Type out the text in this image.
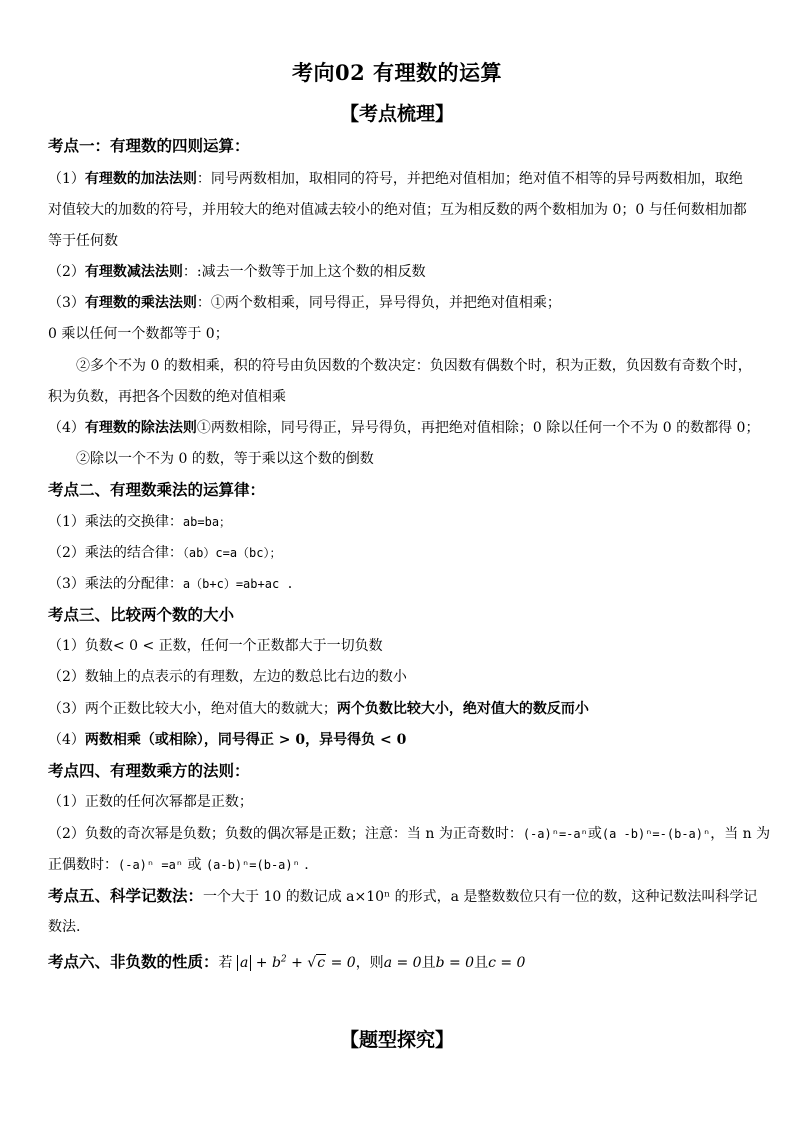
考向02 有理数的运算
【考点梳理】
考点一：有理数的四则运算：
（1）有理数的加法法则：同号两数相加，取相同的符号，并把绝对值相加；绝对值不相等的异号两数相加，取绝
对值较大的加数的符号，并用较大的绝对值减去较小的绝对值；互为相反数的两个数相加为 0；0 与任何数相加都
等于任何数
（2）有理数减法法则：:减去一个数等于加上这个数的相反数
（3）有理数的乘法法则：①两个数相乘，同号得正，异号得负，并把绝对值相乘；
0 乘以任何一个数都等于 0；
②多个不为 0 的数相乘，积的符号由负因数的个数决定：负因数有偶数个时，积为正数，负因数有奇数个时，
积为负数，再把各个因数的绝对值相乘
（4）有理数的除法法则①两数相除，同号得正，异号得负，再把绝对值相除；0 除以任何一个不为 0 的数都得 0；
②除以一个不为 0 的数，等于乘以这个数的倒数
考点二、有理数乘法的运算律：
（1）乘法的交换律：ab=ba；
（2）乘法的结合律：（ab）c=a（bc）；
（3）乘法的分配律：a（b+c）=ab+ac .
考点三、比较两个数的大小
（1）负数< 0 < 正数，任何一个正数都大于一切负数
（2）数轴上的点表示的有理数，左边的数总比右边的数小
（3）两个正数比较大小，绝对值大的数就大；两个负数比较大小，绝对值大的数反而小
（4）两数相乘（或相除），同号得正 > 0，异号得负 < 0
考点四、有理数乘方的法则：
（1）正数的任何次幂都是正数；
（2）负数的奇次幂是负数；负数的偶次幂是正数；注意：当 n 为正奇数时：(-a)ⁿ=-aⁿ或(a -b)ⁿ=-(b-a)ⁿ，当 n 为
正偶数时：(-a)ⁿ =aⁿ 或 (a-b)ⁿ=(b-a)ⁿ .
考点五、科学记数法：一个大于 10 的数记成 a×10ⁿ 的形式，a 是整数数位只有一位的数，这种记数法叫科学记
数法.
考点六、非负数的性质：若 $a + b^2$ + √ c = 0，则a = 0且b = 0且c = 0
【题型探究】
